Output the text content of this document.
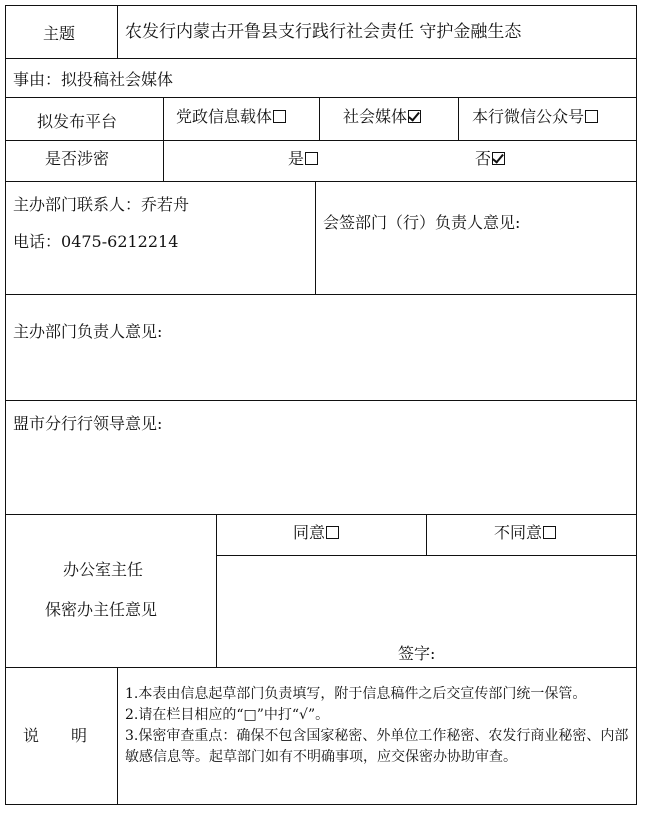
主题	农发行内蒙古开鲁县支行践行社会责任 守护金融生态
事由：拟投稿社会媒体
拟发布平台	党政信息载体	社会媒体	本行微信公众号
是否涉密	是	否
主办部门联系人：乔若舟
电话：0475-6212214
会签部门（行）负责人意见:
主办部门负责人意见:
盟市分行行领导意见:
办公室主任
保密办主任意见
同意	不同意
签字:
说　　明
1.本表由信息起草部门负责填写，附于信息稿件之后交宣传部门统一保管。
2.请在栏目相应的“□”中打“√”。
3.保密审查重点：确保不包含国家秘密、外单位工作秘密、农发行商业秘密、内部敏感信息等。起草部门如有不明确事项，应交保密办协助审查。
